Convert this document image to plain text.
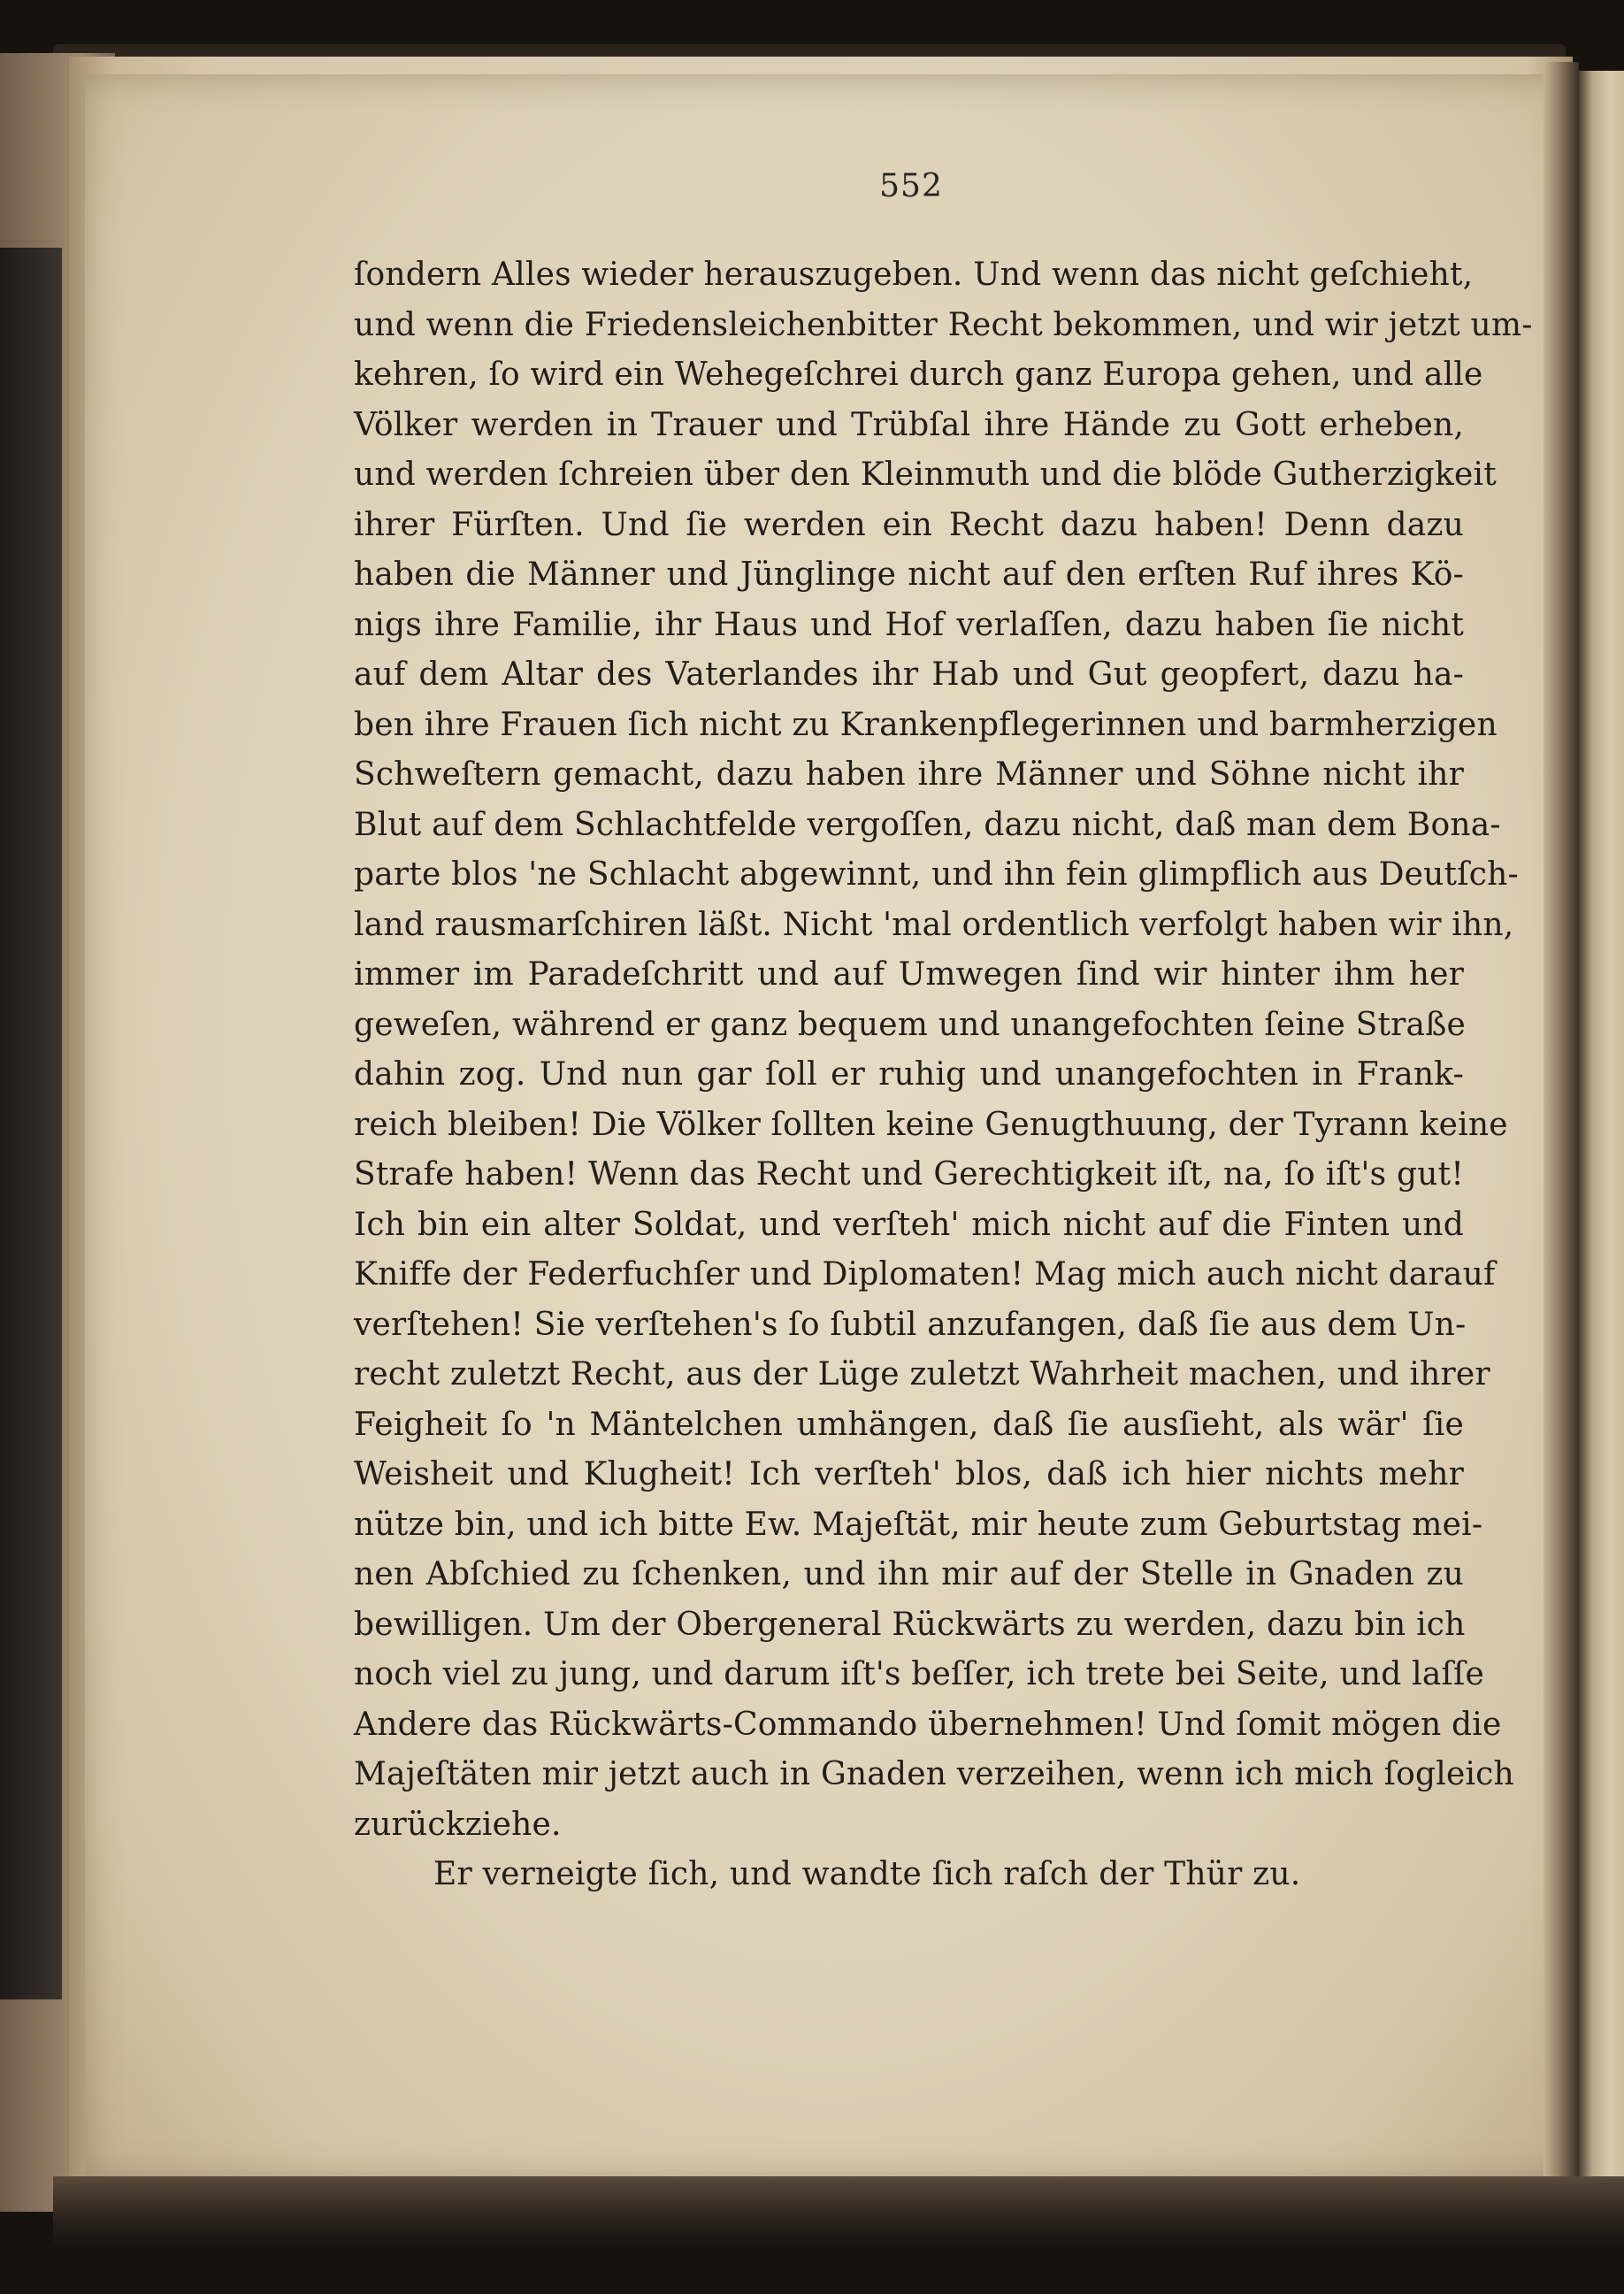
552
ſondern Alles wieder herauszugeben. Und wenn das nicht geſchieht,
und wenn die Friedensleichenbitter Recht bekommen, und wir jetzt um-
kehren, ſo wird ein Wehegeſchrei durch ganz Europa gehen, und alle
Völker werden in Trauer und Trübſal ihre Hände zu Gott erheben,
und werden ſchreien über den Kleinmuth und die blöde Gutherzigkeit
ihrer Fürſten. Und ſie werden ein Recht dazu haben! Denn dazu
haben die Männer und Jünglinge nicht auf den erſten Ruf ihres Kö-
nigs ihre Familie, ihr Haus und Hof verlaſſen, dazu haben ſie nicht
auf dem Altar des Vaterlandes ihr Hab und Gut geopfert, dazu ha-
ben ihre Frauen ſich nicht zu Krankenpflegerinnen und barmherzigen
Schweſtern gemacht, dazu haben ihre Männer und Söhne nicht ihr
Blut auf dem Schlachtfelde vergoſſen, dazu nicht, daß man dem Bona-
parte blos 'ne Schlacht abgewinnt, und ihn fein glimpflich aus Deutſch-
land rausmarſchiren läßt. Nicht 'mal ordentlich verfolgt haben wir ihn,
immer im Paradeſchritt und auf Umwegen ſind wir hinter ihm her
geweſen, während er ganz bequem und unangefochten ſeine Straße
dahin zog. Und nun gar ſoll er ruhig und unangefochten in Frank-
reich bleiben! Die Völker ſollten keine Genugthuung, der Tyrann keine
Strafe haben! Wenn das Recht und Gerechtigkeit iſt, na, ſo iſt's gut!
Ich bin ein alter Soldat, und verſteh' mich nicht auf die Finten und
Kniffe der Federfuchſer und Diplomaten! Mag mich auch nicht darauf
verſtehen! Sie verſtehen's ſo ſubtil anzufangen, daß ſie aus dem Un-
recht zuletzt Recht, aus der Lüge zuletzt Wahrheit machen, und ihrer
Feigheit ſo 'n Mäntelchen umhängen, daß ſie ausſieht, als wär' ſie
Weisheit und Klugheit! Ich verſteh' blos, daß ich hier nichts mehr
nütze bin, und ich bitte Ew. Majeſtät, mir heute zum Geburtstag mei-
nen Abſchied zu ſchenken, und ihn mir auf der Stelle in Gnaden zu
bewilligen. Um der Obergeneral Rückwärts zu werden, dazu bin ich
noch viel zu jung, und darum iſt's beſſer, ich trete bei Seite, und laſſe
Andere das Rückwärts-Commando übernehmen! Und ſomit mögen die
Majeſtäten mir jetzt auch in Gnaden verzeihen, wenn ich mich ſogleich
zurückziehe.
Er verneigte ſich, und wandte ſich raſch der Thür zu.
